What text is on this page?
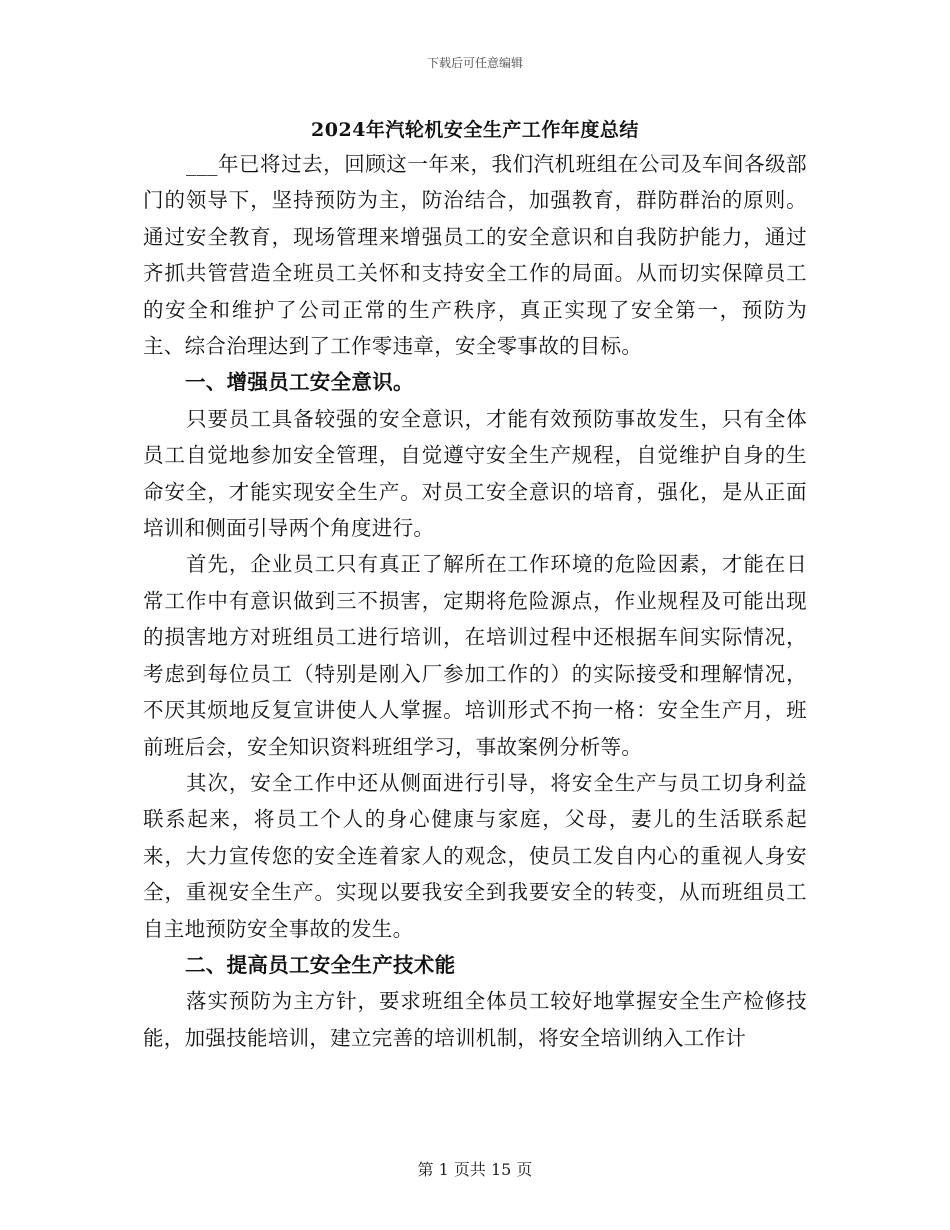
下载后可任意编辑
2024年汽轮机安全生产工作年度总结

___年已将过去，回顾这一年来，我们汽机班组在公司及车间各级部门的领导下，坚持预防为主，防治结合，加强教育，群防群治的原则。通过安全教育，现场管理来增强员工的安全意识和自我防护能力，通过齐抓共管营造全班员工关怀和支持安全工作的局面。从而切实保障员工的安全和维护了公司正常的生产秩序，真正实现了安全第一，预防为主、综合治理达到了工作零违章，安全零事故的目标。

一、增强员工安全意识。

只要员工具备较强的安全意识，才能有效预防事故发生，只有全体员工自觉地参加安全管理，自觉遵守安全生产规程，自觉维护自身的生命安全，才能实现安全生产。对员工安全意识的培育，强化，是从正面培训和侧面引导两个角度进行。

首先，企业员工只有真正了解所在工作环境的危险因素，才能在日常工作中有意识做到三不损害，定期将危险源点，作业规程及可能出现的损害地方对班组员工进行培训，在培训过程中还根据车间实际情况，考虑到每位员工（特别是刚入厂参加工作的）的实际接受和理解情况，不厌其烦地反复宣讲使人人掌握。培训形式不拘一格：安全生产月，班前班后会，安全知识资料班组学习，事故案例分析等。

其次，安全工作中还从侧面进行引导，将安全生产与员工切身利益联系起来，将员工个人的身心健康与家庭，父母，妻儿的生活联系起来，大力宣传您的安全连着家人的观念，使员工发自内心的重视人身安全，重视安全生产。实现以要我安全到我要安全的转变，从而班组员工自主地预防安全事故的发生。

二、提高员工安全生产技术能

落实预防为主方针，要求班组全体员工较好地掌握安全生产检修技能，加强技能培训，建立完善的培训机制，将安全培训纳入工作计

第 1 页共 15 页
